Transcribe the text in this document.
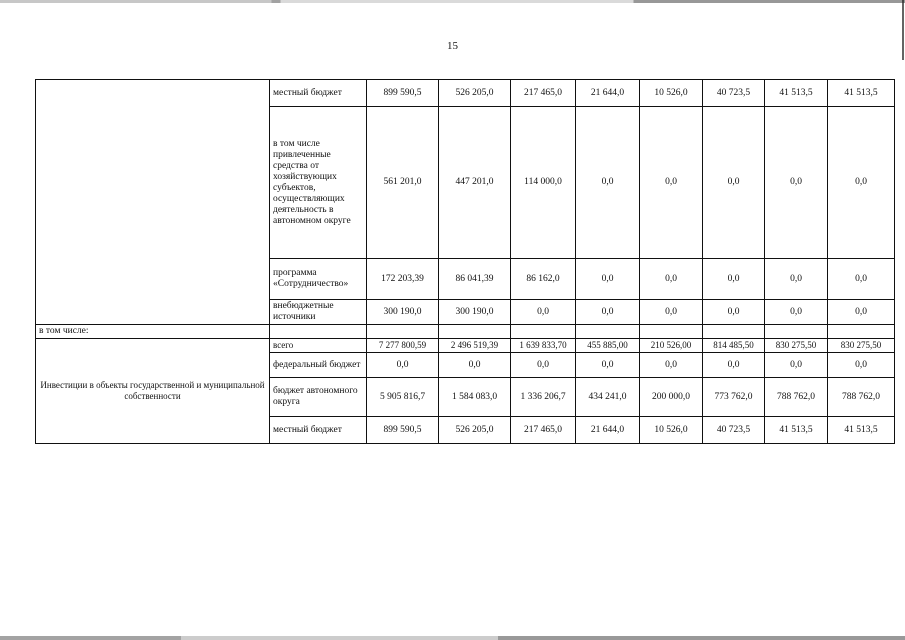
15
	местный бюджет	899 590,5	526 205,0	217 465,0	21 644,0	10 526,0	40 723,5	41 513,5	41 513,5
	в том числе привлеченные средства от хозяйствующих субъектов, осуществляющих деятельность в автономном округе	561 201,0	447 201,0	114 000,0	0,0	0,0	0,0	0,0	0,0
	программа «Сотрудничество»	172 203,39	86 041,39	86 162,0	0,0	0,0	0,0	0,0	0,0
	внебюджетные источники	300 190,0	300 190,0	0,0	0,0	0,0	0,0	0,0	0,0
в том числе:									
Инвестиции в объекты государственной и муниципальной собственности	всего	7 277 800,59	2 496 519,39	1 639 833,70	455 885,00	210 526,00	814 485,50	830 275,50	830 275,50
	федеральный бюджет	0,0	0,0	0,0	0,0	0,0	0,0	0,0	0,0
	бюджет автономного округа	5 905 816,7	1 584 083,0	1 336 206,7	434 241,0	200 000,0	773 762,0	788 762,0	788 762,0
	местный бюджет	899 590,5	526 205,0	217 465,0	21 644,0	10 526,0	40 723,5	41 513,5	41 513,5
